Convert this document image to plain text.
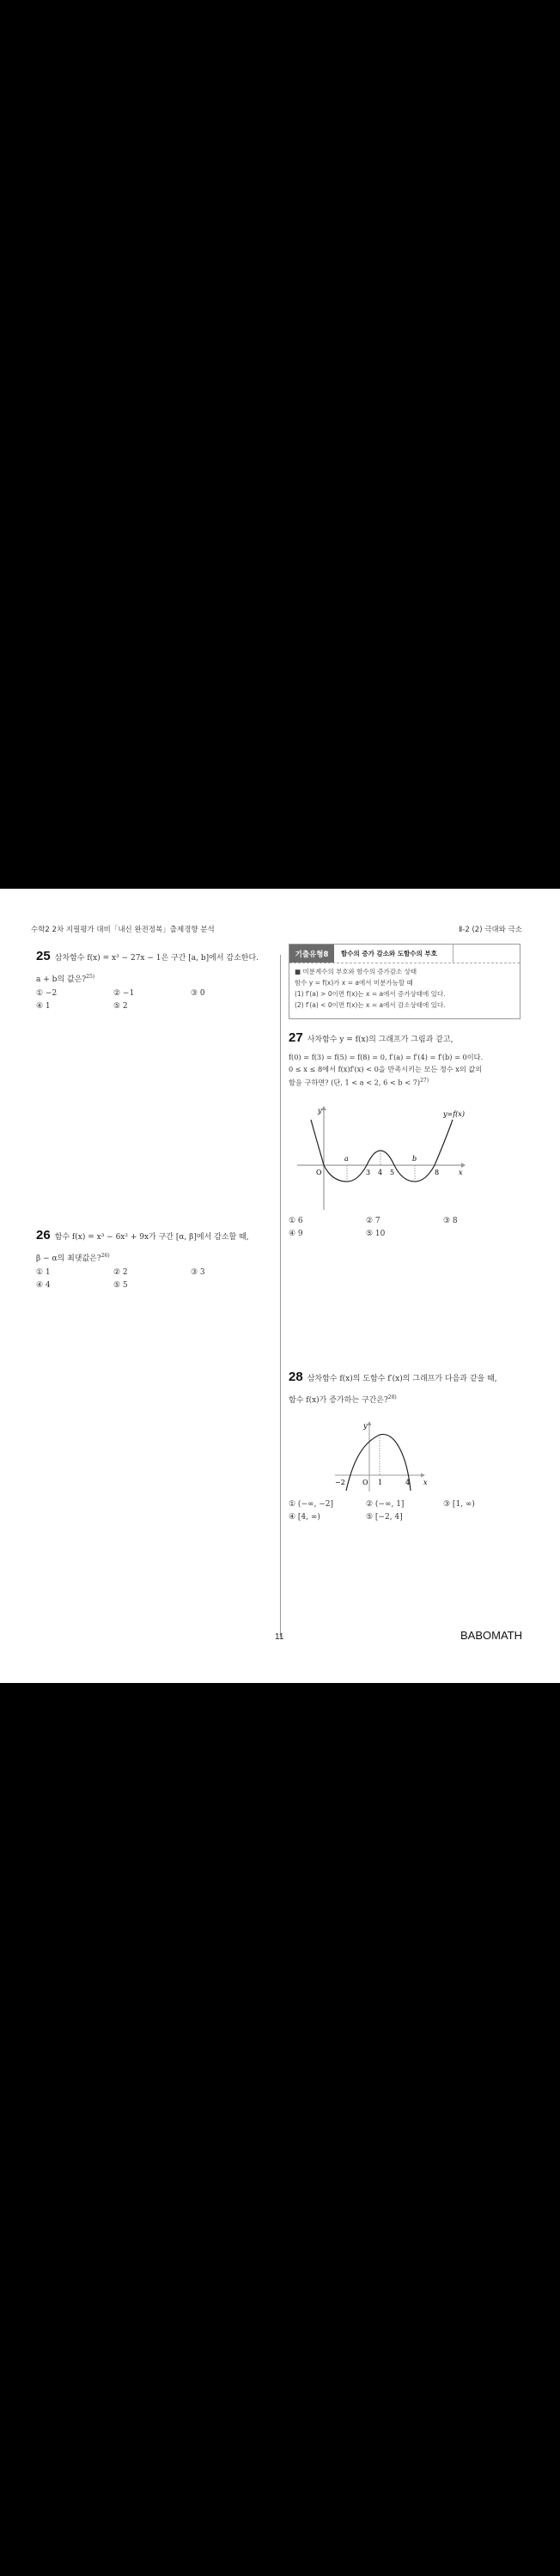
수학2 2차 지필평가 대비「내신 완전정복」출제경향 분석	Ⅱ-2 (2) 극대와 극소
25 삼차함수 f(x) = x³ − 27x − 1은 구간 [a, b]에서 감소한다.
a + b의 값은?$^{25)}$
① −2	② −1	③ 0
④ 1	⑤ 2
26 함수 f(x) = x³ − 6x² + 9x가 구간 [α, β]에서 감소할 때,
β − α의 최댓값은?$^{26)}$
① 1	② 2	③ 3
④ 4	⑤ 5
기출유형8	함수의 증가 감소와 도함수의 부호
■ 미분계수의 부호와 함수의 증가감소 상태
함수 y = f(x)가 x = a에서 미분가능할 때
(1) f′(a) > 0이면 f(x)는 x = a에서 증가상태에 있다.
(2) f′(a) < 0이면 f(x)는 x = a에서 감소상태에 있다.
27 사차함수 y = f(x)의 그래프가 그림과 같고,
f(0) = f(3) = f(5) = f(8) = 0, f′(a) = f′(4) = f′(b) = 0이다.
0 ≤ x ≤ 8에서 f(x)f′(x) < 0을 만족시키는 모든 정수 x의 값의
합을 구하면? (단, 1 < a < 2, 6 < b < 7)$^{27)}$
y
x
O
a
3 4 5
b
8
y=f(x)
① 6	② 7	③ 8
④ 9	⑤ 10
28 삼차함수 f(x)의 도함수 f′(x)의 그래프가 다음과 같을 때,
함수 f(x)가 증가하는 구간은?$^{28)}$
y
x
O
−2	1	4
① (−∞, −2]	② (−∞, 1]	③ [1, ∞)
④ [4, ∞)	⑤ [−2, 4]
11	BABOMATH
